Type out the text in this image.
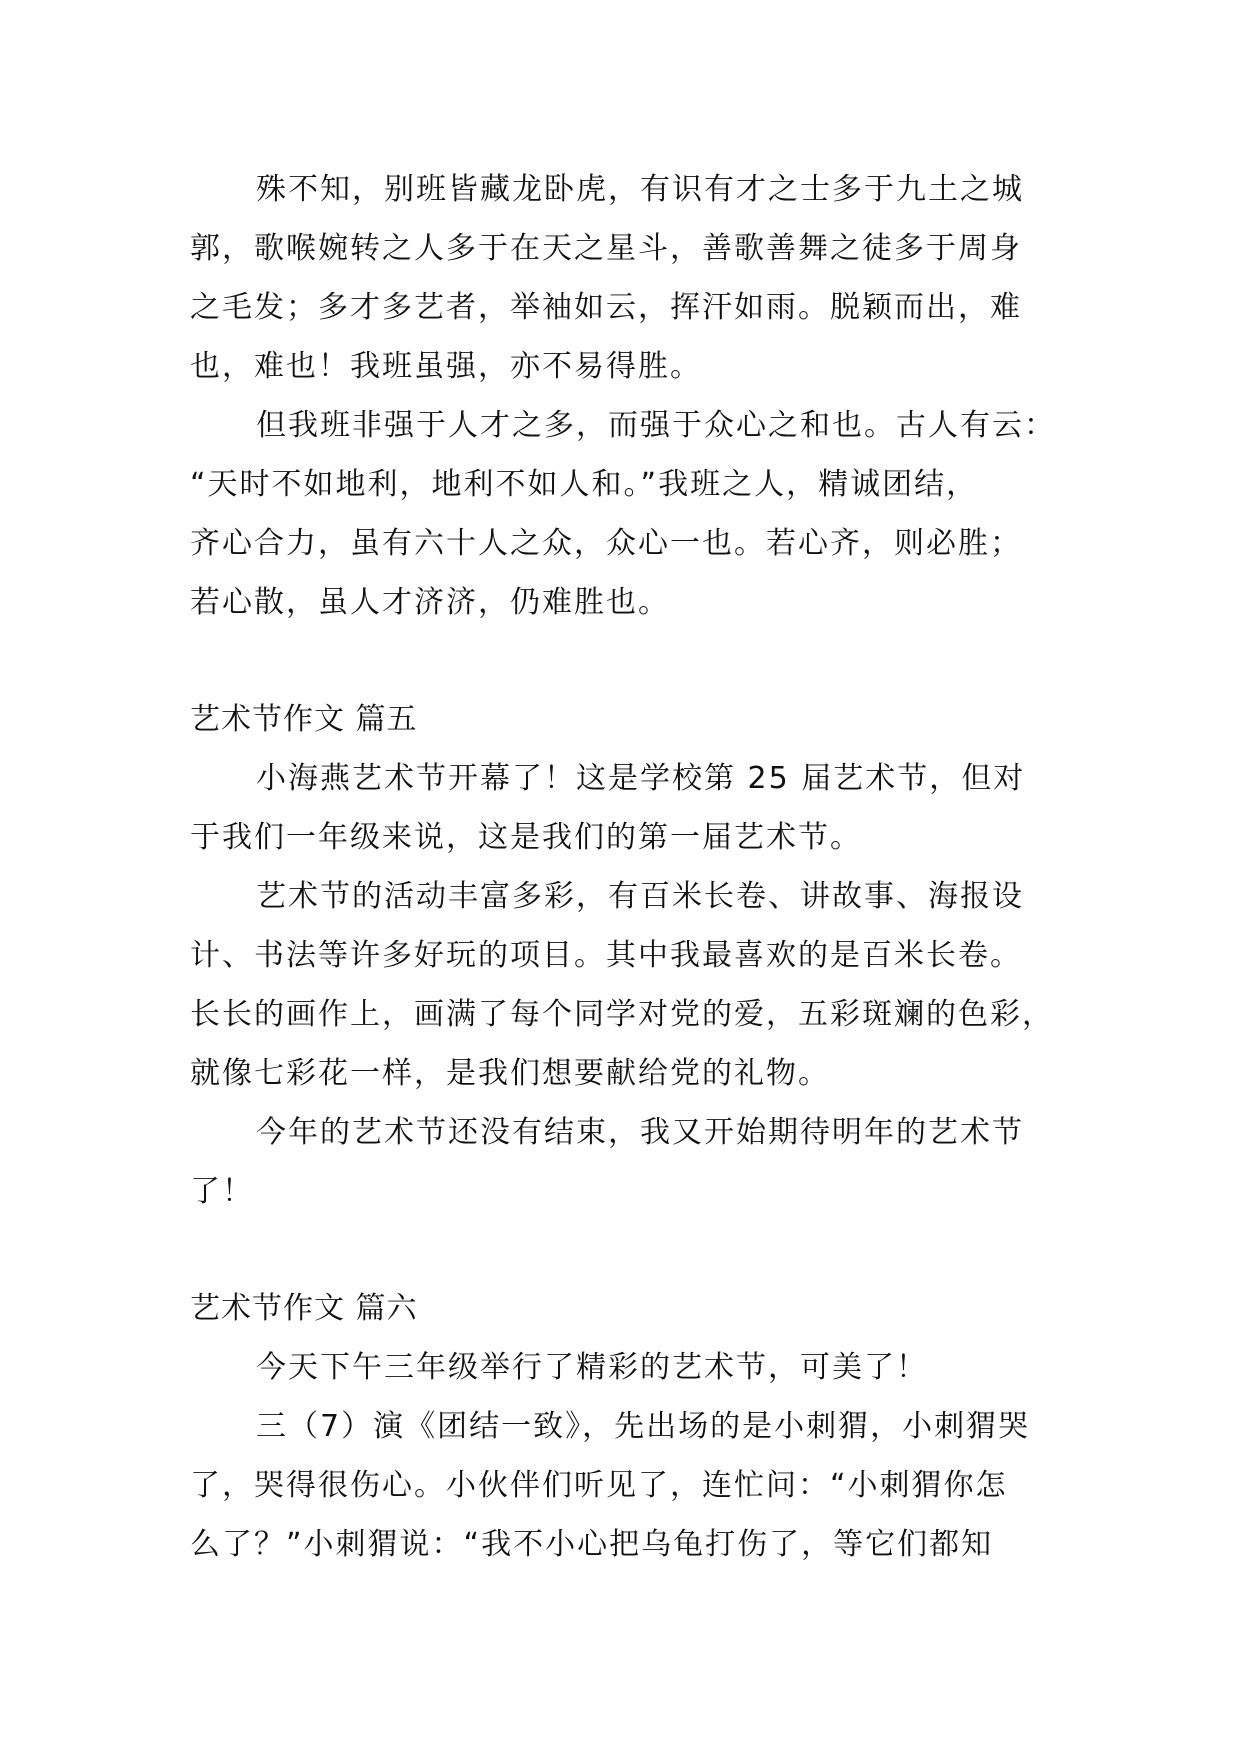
殊不知，别班皆藏龙卧虎，有识有才之士多于九土之城
郭，歌喉婉转之人多于在天之星斗，善歌善舞之徒多于周身
之毛发；多才多艺者，举袖如云，挥汗如雨。脱颖而出，难
也，难也！我班虽强，亦不易得胜。
但我班非强于人才之多，而强于众心之和也。古人有云：
“天时不如地利，地利不如人和。”我班之人，精诚团结，
齐心合力，虽有六十人之众，众心一也。若心齐，则必胜；
若心散，虽人才济济，仍难胜也。
艺术节作文 篇五
小海燕艺术节开幕了！这是学校第 25 届艺术节，但对
于我们一年级来说，这是我们的第一届艺术节。
艺术节的活动丰富多彩，有百米长卷、讲故事、海报设
计、书法等许多好玩的项目。其中我最喜欢的是百米长卷。
长长的画作上，画满了每个同学对党的爱，五彩斑斓的色彩，
就像七彩花一样，是我们想要献给党的礼物。
今年的艺术节还没有结束，我又开始期待明年的艺术节
了！
艺术节作文 篇六
今天下午三年级举行了精彩的艺术节，可美了！
三（7）演《团结一致》，先出场的是小刺猬，小刺猬哭
了，哭得很伤心。小伙伴们听见了，连忙问：“小刺猬你怎
么了？”小刺猬说：“我不小心把乌龟打伤了，等它们都知
